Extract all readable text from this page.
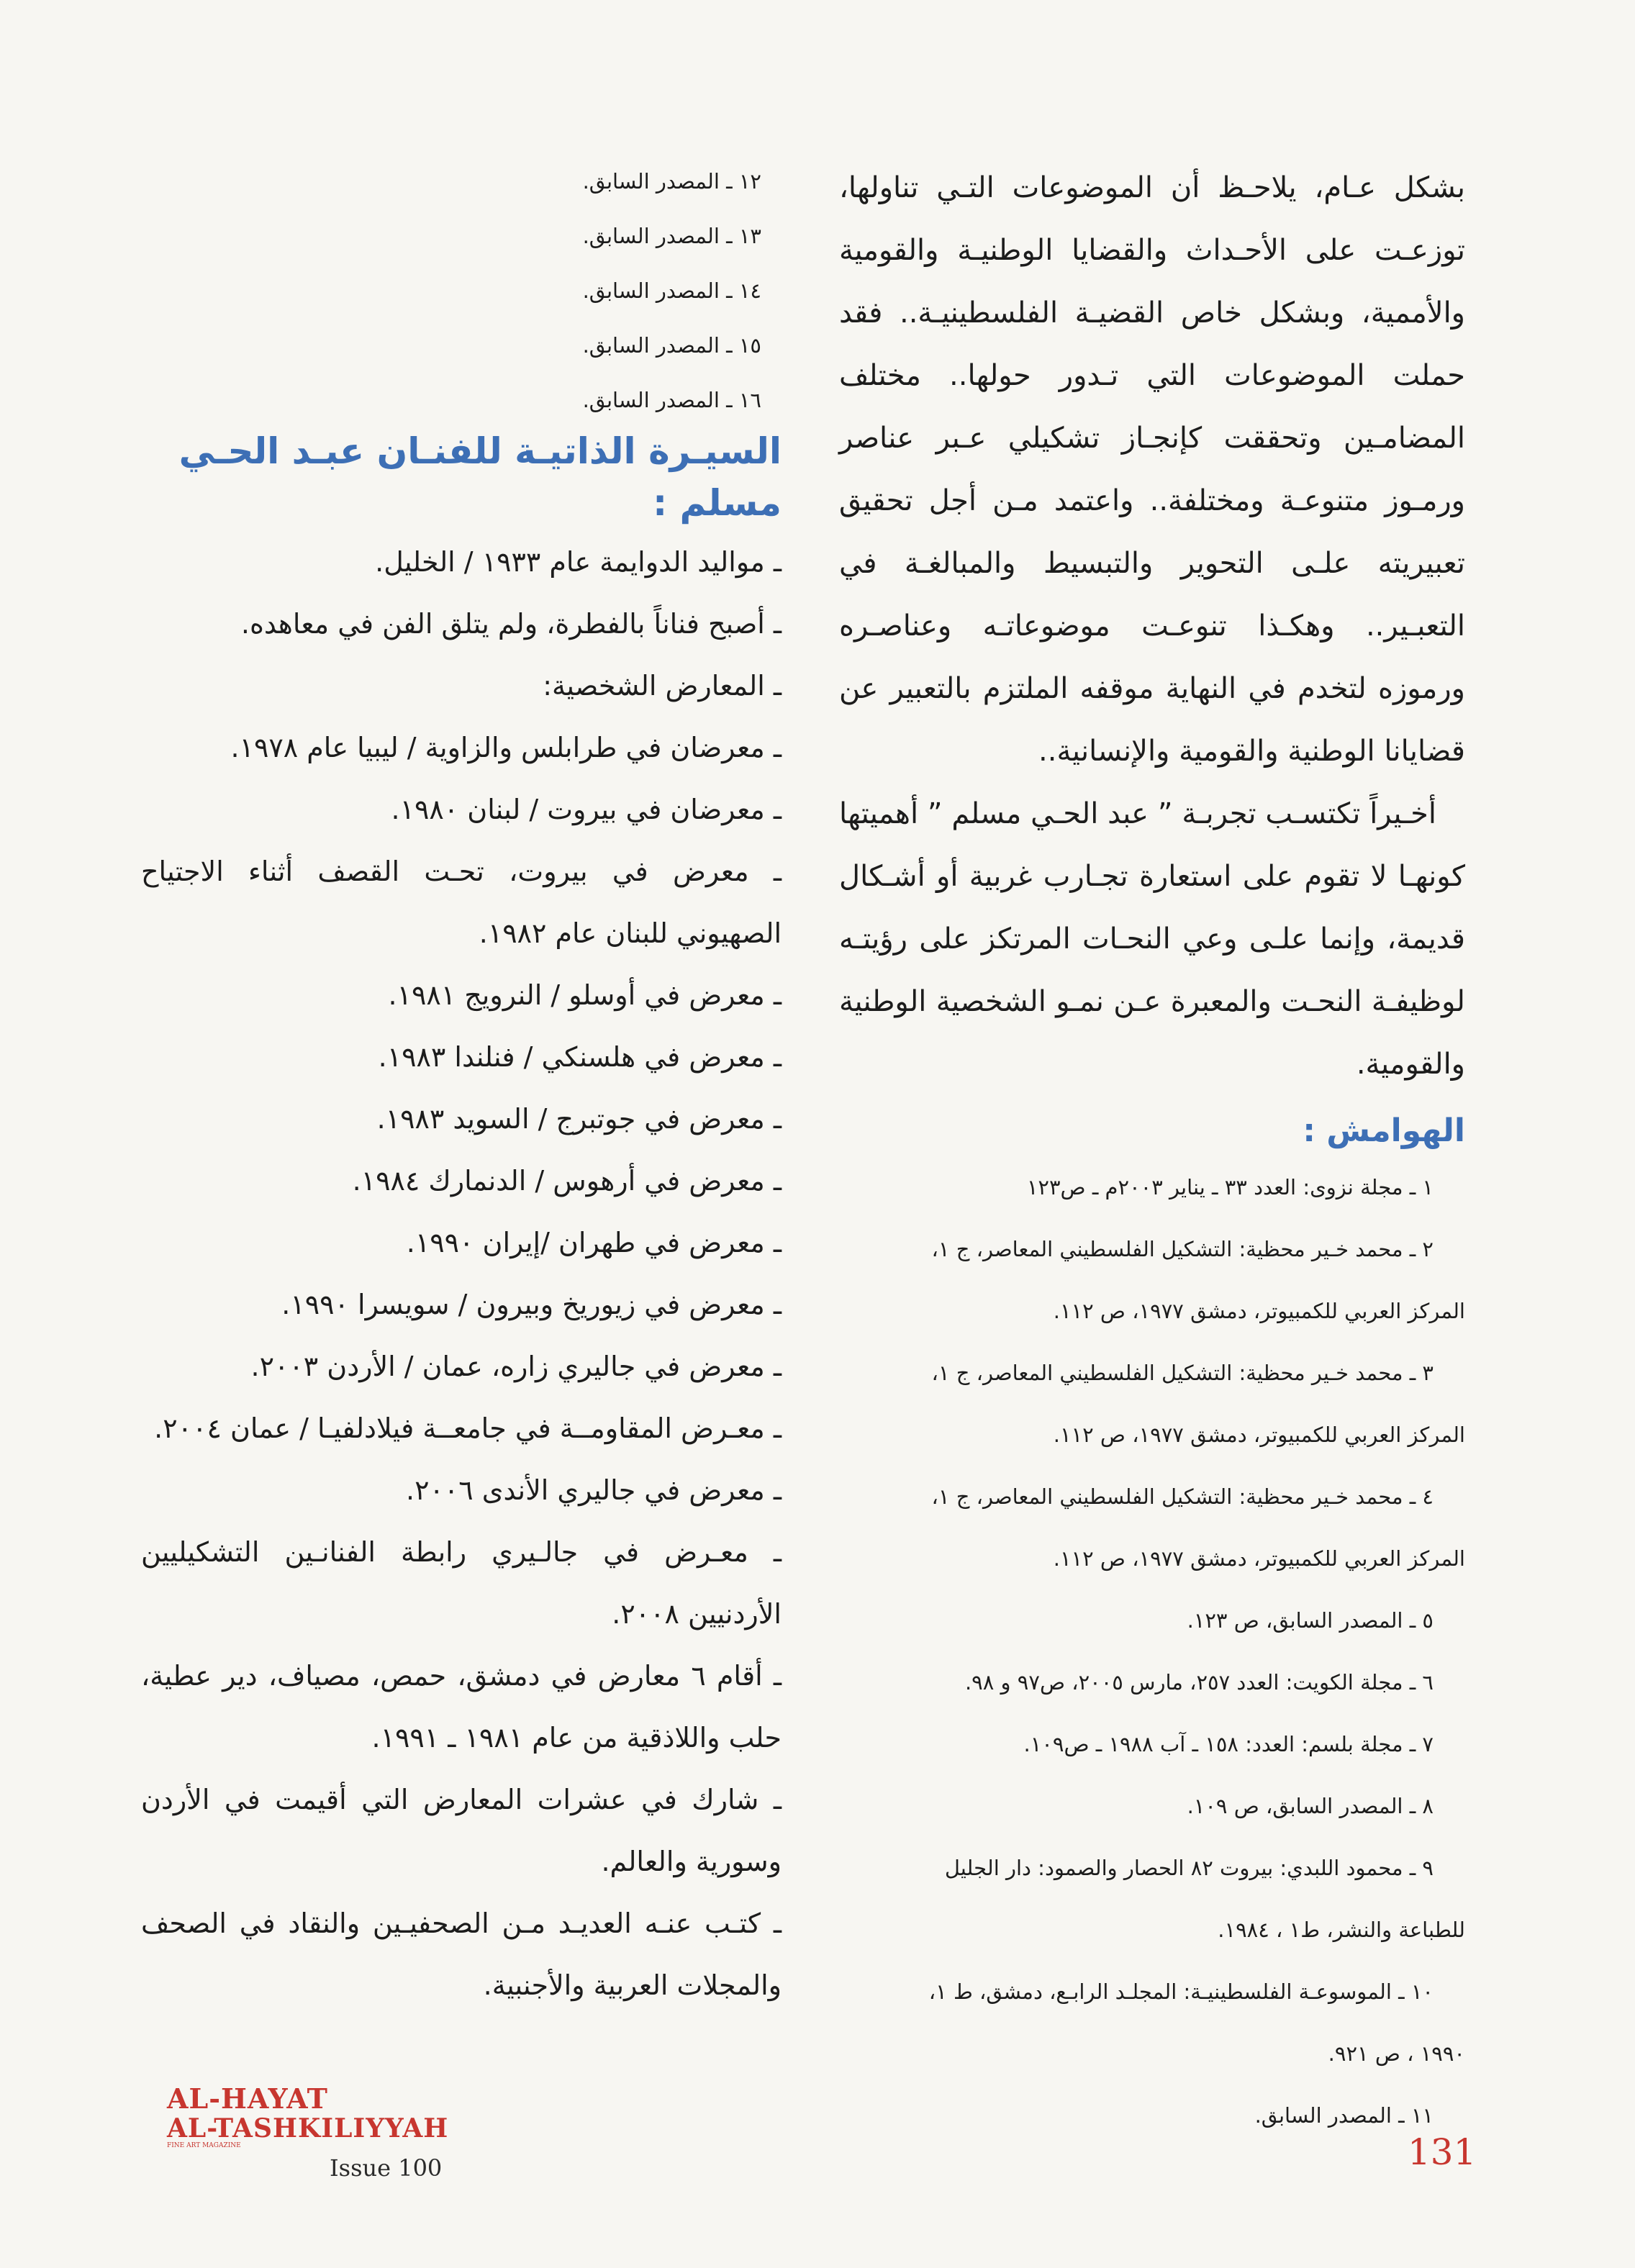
بشكل عـام، يلاحـظ أن الموضوعات التـي تناولها، توزعـت على الأحـداث والقضايا الوطنيـة والقومية والأممية، وبشكل خاص القضيـة الفلسطينيـة.. فقد حملت الموضوعات التي تـدور حولها.. مختلف المضامـين وتحققت كإنجـاز تشكيلي عـبر عناصر ورمـوز متنوعـة ومختلفة.. واعتمد مـن أجل تحقيق تعبيريته علـى التحوير والتبسيط والمبالغـة في التعبـير.. وهكـذا تنوعـت موضوعاتـه وعناصـره ورموزه لتخدم في النهاية موقفه الملتزم بالتعبير عن قضايانا الوطنية والقومية والإنسانية..

أخـيراً تكتسـب تجربـة ” عبد الحـي مسلم ” أهميتها كونهـا لا تقوم على استعارة تجـارب غربية أو أشـكال قديمة، وإنما علـى وعي النحـات المرتكز على رؤيتـه لوظيفـة النحـت والمعبرة عـن نمـو الشخصية الوطنية والقومية.

الهوامش :

١ ـ مجلة نزوى: العدد ٣٣ ـ يناير ٢٠٠٣م ـ ص١٢٣

٢ ـ محمد خـير محظية: التشكيل الفلسطيني المعاصر، ج ١،

المركز العربي للكمبيوتر، دمشق ١٩٧٧، ص ١١٢.

٣ ـ محمد خـير محظية: التشكيل الفلسطيني المعاصر، ج ١،

المركز العربي للكمبيوتر، دمشق ١٩٧٧، ص ١١٢.

٤ ـ محمد خـير محظية: التشكيل الفلسطيني المعاصر، ج ١،

المركز العربي للكمبيوتر، دمشق ١٩٧٧، ص ١١٢.

٥ ـ المصدر السابق، ص ١٢٣.

٦ ـ مجلة الكويت: العدد ٢٥٧، مارس ٢٠٠٥، ص٩٧ و ٩٨.

٧ ـ مجلة بلسم: العدد: ١٥٨ ـ آب ١٩٨٨ ـ ص١٠٩.

٨ ـ المصدر السابق، ص ١٠٩.

٩ ـ محمود اللبدي: بيروت ٨٢ الحصار والصمود: دار الجليل

للطباعة والنشر، ط١ ، ١٩٨٤.

١٠ ـ الموسوعـة الفلسطينيـة: المجلـد الرابـع، دمشق، ط ١،

١٩٩٠ ، ص ٩٢١.

١١ ـ المصدر السابق.

١٢ ـ المصدر السابق.

١٣ ـ المصدر السابق.

١٤ ـ المصدر السابق.

١٥ ـ المصدر السابق.

١٦ ـ المصدر السابق.

السيـرة الذاتيـة للفنـان عبـد الحـي
مسلم :

ـ مواليد الدوايمة عام ١٩٣٣ / الخليل.

ـ أصبح فناناً بالفطرة، ولم يتلق الفن في معاهده.

ـ المعارض الشخصية:

ـ معرضان في طرابلس والزاوية / ليبيا عام ١٩٧٨.

ـ معرضان في بيروت / لبنان ١٩٨٠.

ـ معرض في بيروت، تحـت القصف أثناء الاجتياح الصهيوني للبنان عام ١٩٨٢.

ـ معرض في أوسلو / النرويج ١٩٨١.

ـ معرض في هلسنكي / فنلندا ١٩٨٣.

ـ معرض في جوتبرج / السويد ١٩٨٣.

ـ معرض في أرهوس / الدنمارك ١٩٨٤.

ـ معرض في طهران /إيران ١٩٩٠.

ـ معرض في زيوريخ وبيرون / سويسرا ١٩٩٠.

ـ معرض في جاليري زاره، عمان / الأردن ٢٠٠٣.

ـ معـرض المقاومــة في جامعــة فيلادلفيـا / عمان ٢٠٠٤.

ـ معرض في جاليري الأندى ٢٠٠٦.

ـ معـرض في جالـيري رابطة الفنانـين التشكيليين الأردنيين ٢٠٠٨.

ـ أقام ٦ معارض في دمشق، حمص، مصياف، دير عطية، حلب واللاذقية من عام ١٩٨١ ـ ١٩٩١.

ـ شارك في عشرات المعارض التي أقيمت في الأردن وسورية والعالم.

ـ كتـب عنـه العديـد مـن الصحفيـين والنقاد في الصحف والمجلات العربية والأجنبية.

AL-HAYAT
AL-TASHKILIYYAH
FINE ART MAGAZINE
Issue 100	131
